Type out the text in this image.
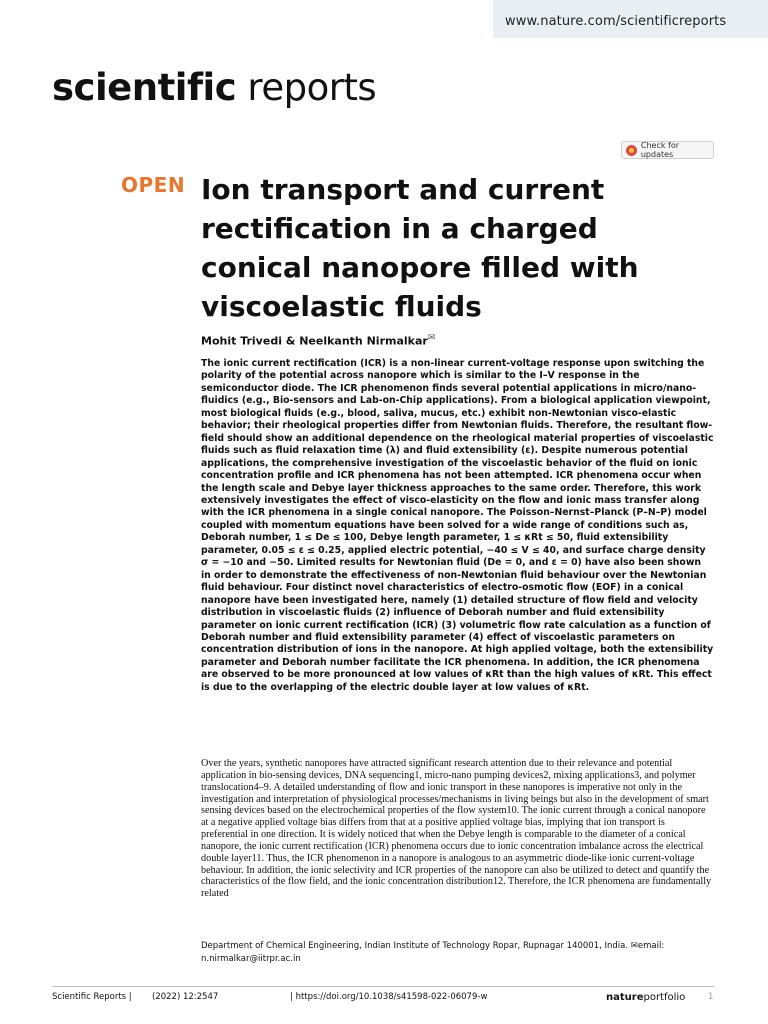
www.nature.com/scientificreports
scientific reports
Check for updates
OPEN Ion transport and current rectification in a charged conical nanopore filled with viscoelastic fluids
Mohit Trivedi & Neelkanth Nirmalkar✉

The ionic current rectification (ICR) is a non-linear current-voltage response upon switching the polarity of the potential across nanopore which is similar to the I–V response in the semiconductor diode. The ICR phenomenon finds several potential applications in micro/nano-fluidics (e.g., Bio-sensors and Lab-on-Chip applications). From a biological application viewpoint, most biological fluids (e.g., blood, saliva, mucus, etc.) exhibit non-Newtonian visco-elastic behavior; their rheological properties differ from Newtonian fluids. Therefore, the resultant flow-field should show an additional dependence on the rheological material properties of viscoelastic fluids such as fluid relaxation time (λ) and fluid extensibility (ε). Despite numerous potential applications, the comprehensive investigation of the viscoelastic behavior of the fluid on ionic concentration profile and ICR phenomena has not been attempted. ICR phenomena occur when the length scale and Debye layer thickness approaches to the same order. Therefore, this work extensively investigates the effect of visco-elasticity on the flow and ionic mass transfer along with the ICR phenomena in a single conical nanopore. The Poisson–Nernst–Planck (P–N–P) model coupled with momentum equations have been solved for a wide range of conditions such as, Deborah number, 1 ≤ De ≤ 100, Debye length parameter, 1 ≤ κRt ≤ 50, fluid extensibility parameter, 0.05 ≤ ε ≤ 0.25, applied electric potential, −40 ≤ V ≤ 40, and surface charge density σ = −10 and −50. Limited results for Newtonian fluid (De = 0, and ε = 0) have also been shown in order to demonstrate the effectiveness of non-Newtonian fluid behaviour over the Newtonian fluid behaviour. Four distinct novel characteristics of electro-osmotic flow (EOF) in a conical nanopore have been investigated here, namely (1) detailed structure of flow field and velocity distribution in viscoelastic fluids (2) influence of Deborah number and fluid extensibility parameter on ionic current rectification (ICR) (3) volumetric flow rate calculation as a function of Deborah number and fluid extensibility parameter (4) effect of viscoelastic parameters on concentration distribution of ions in the nanopore. At high applied voltage, both the extensibility parameter and Deborah number facilitate the ICR phenomena. In addition, the ICR phenomena are observed to be more pronounced at low values of κRt than the high values of κRt. This effect is due to the overlapping of the electric double layer at low values of κRt.

Over the years, synthetic nanopores have attracted significant research attention due to their relevance and potential application in bio-sensing devices, DNA sequencing1, micro-nano pumping devices2, mixing applications3, and polymer translocation4–9. A detailed understanding of flow and ionic transport in these nanopores is imperative not only in the investigation and interpretation of physiological processes/mechanisms in living beings but also in the development of smart sensing devices based on the electrochemical properties of the flow system10. The ionic current through a conical nanopore at a negative applied voltage bias differs from that at a positive applied voltage bias, implying that ion transport is preferential in one direction. It is widely noticed that when the Debye length is comparable to the diameter of a conical nanopore, the ionic current rectification (ICR) phenomena occurs due to ionic concentration imbalance across the electrical double layer11. Thus, the ICR phenomenon in a nanopore is analogous to an asymmetric diode-like ionic current-voltage behaviour. In addition, the ionic selectivity and ICR properties of the nanopore can also be utilized to detect and quantify the characteristics of the flow field, and the ionic concentration distribution12. Therefore, the ICR phenomena are fundamentally related

Department of Chemical Engineering, Indian Institute of Technology Ropar, Rupnagar 140001, India. ✉email: n.nirmalkar@iitrpr.ac.in

Scientific Reports | (2022) 12:2547	| https://doi.org/10.1038/s41598-022-06079-w	natureportfolio	1
